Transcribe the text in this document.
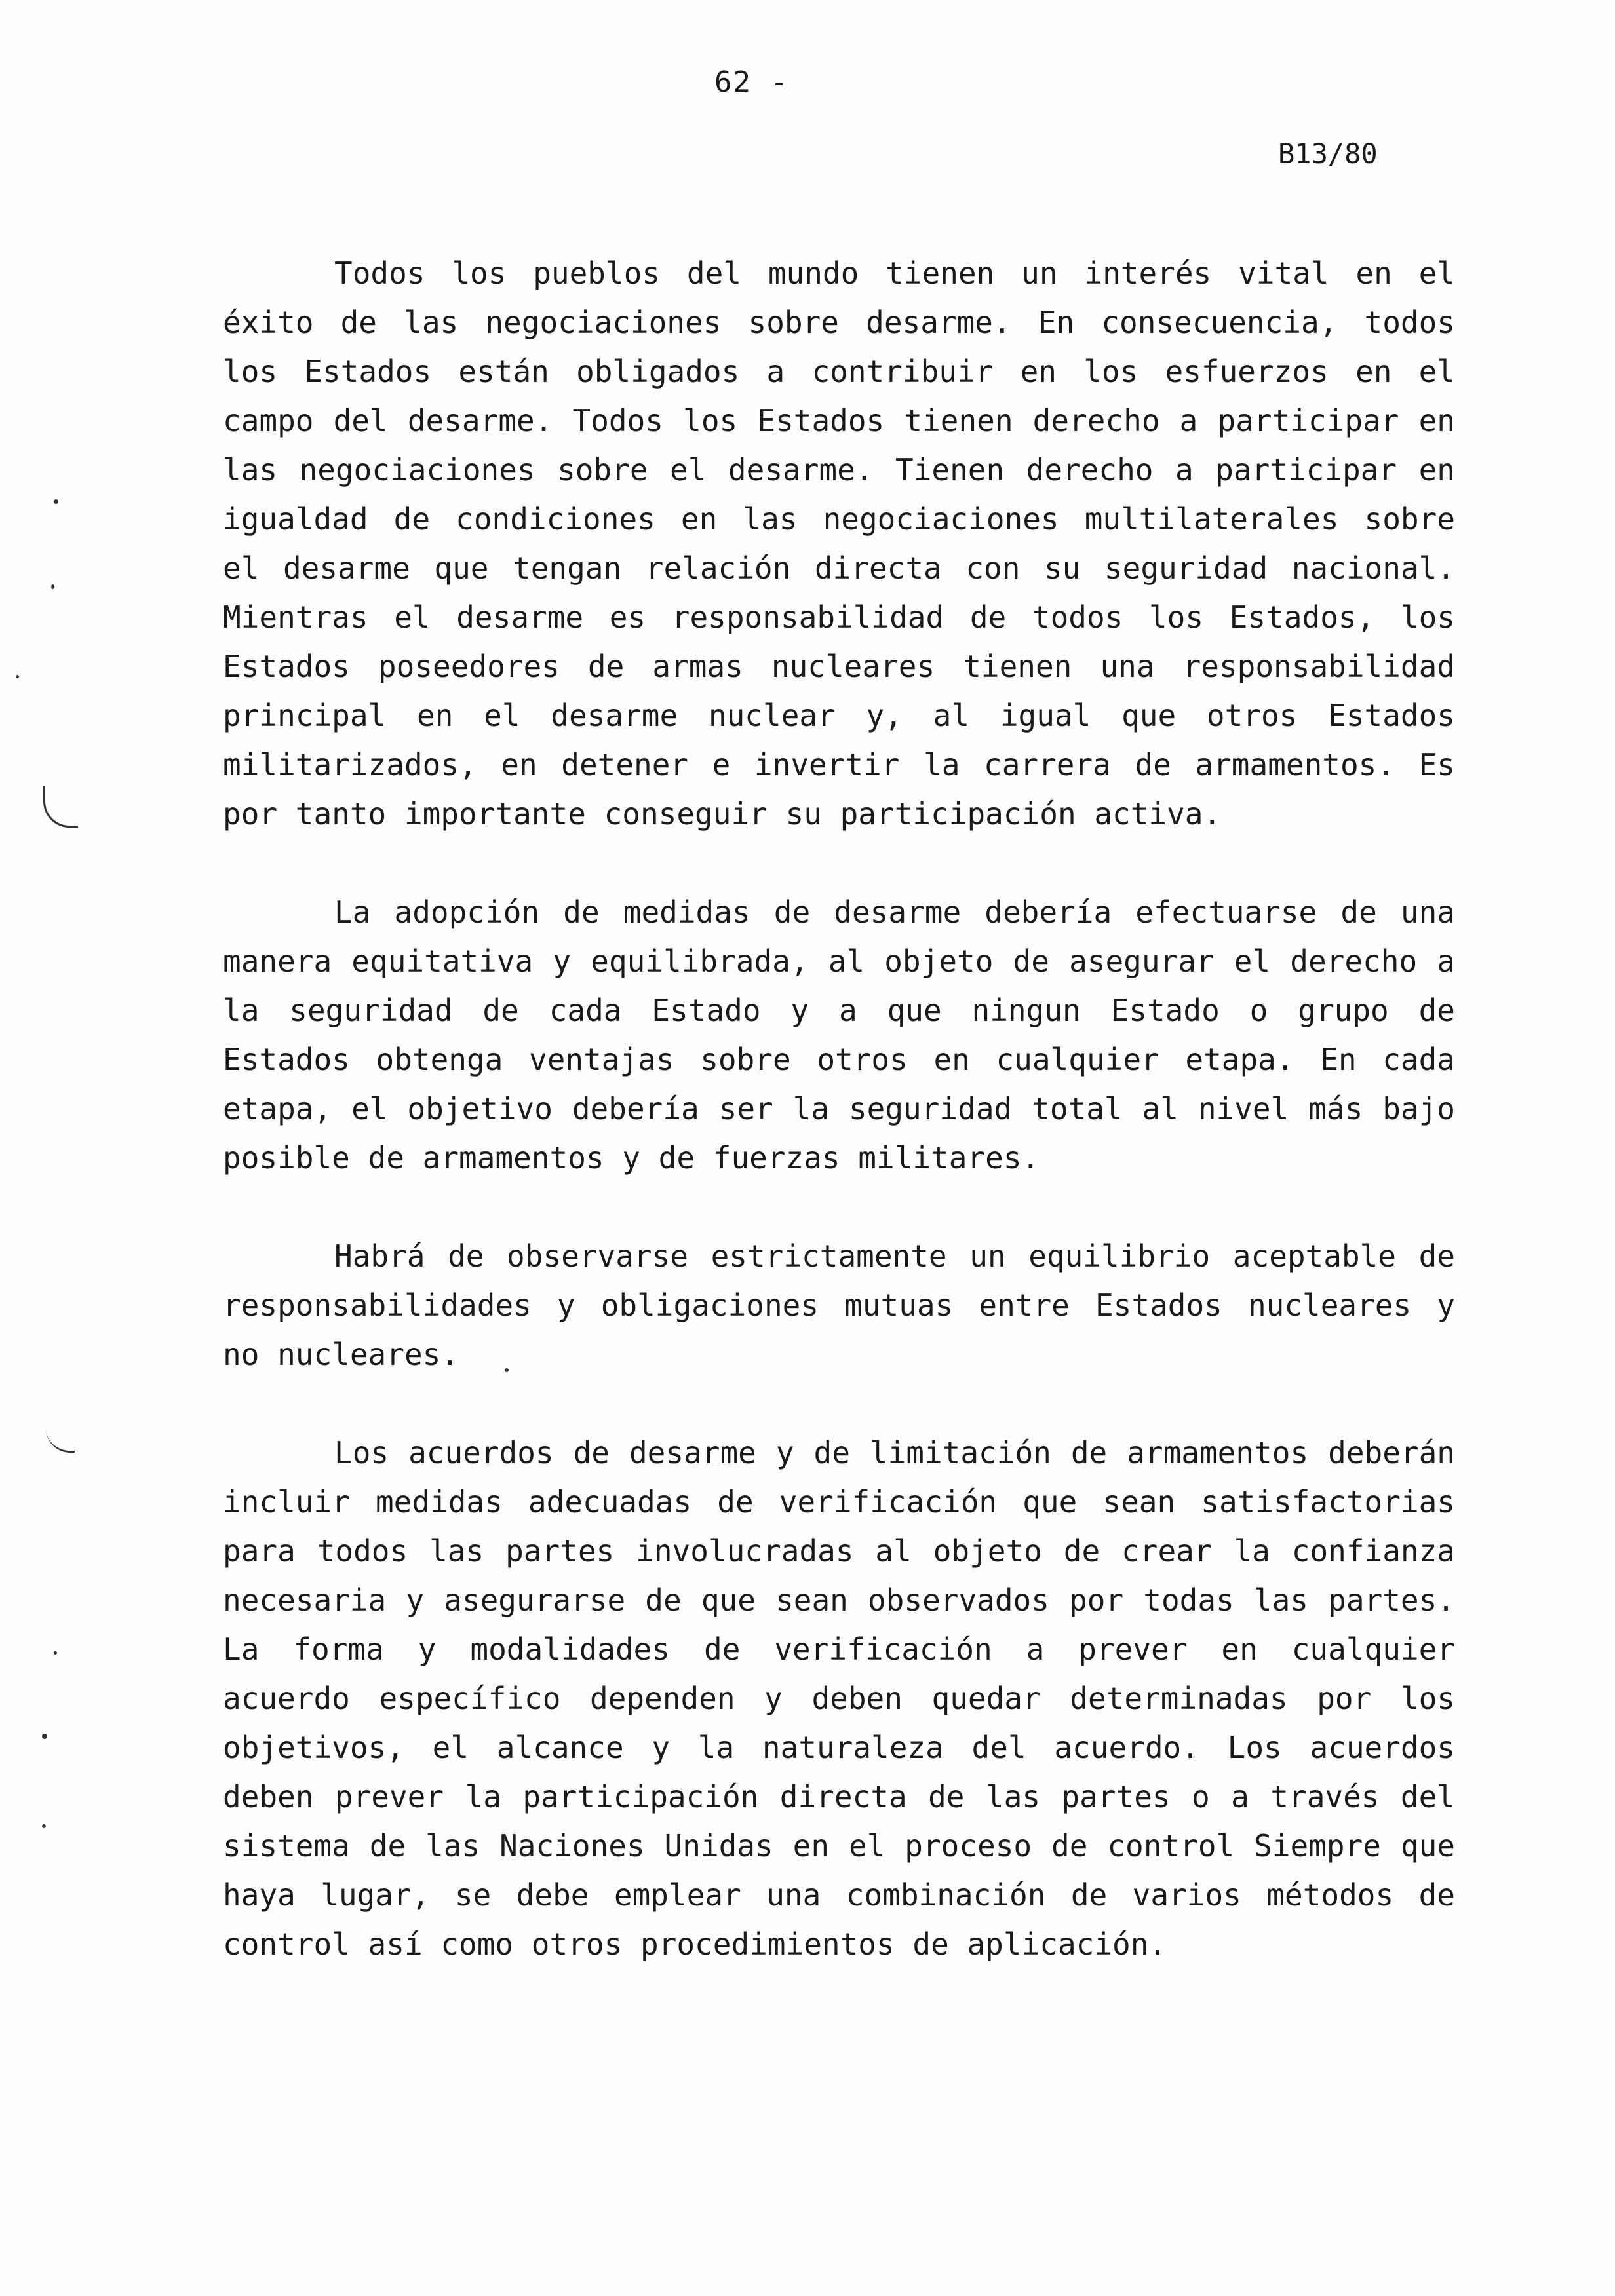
62 -
B13/80

Todos los pueblos del mundo tienen un interés vital en el éxito de las negociaciones sobre desarme. En consecuencia, todos los Estados están obligados a contribuir en los esfuerzos en el campo del desarme. Todos los Estados tienen derecho a participar en las negociaciones sobre el desarme. Tienen derecho a participar en igualdad de condiciones en las negociaciones multilaterales sobre el desarme que tengan relación directa con su seguridad nacional. Mientras el desarme es responsabilidad de todos los Estados, los Estados poseedores de armas nucleares tienen una responsabilidad principal en el desarme nuclear y, al igual que otros Estados militarizados, en detener e invertir la carrera de armamentos. Es por tanto importante conseguir su participación activa.

La adopción de medidas de desarme debería efectuarse de una manera equitativa y equilibrada, al objeto de asegurar el derecho a la seguridad de cada Estado y a que ningun Estado o grupo de Estados obtenga ventajas sobre otros en cualquier etapa. En cada etapa, el objetivo debería ser la seguridad total al nivel más bajo posible de armamentos y de fuerzas militares.

Habrá de observarse estrictamente un equilibrio aceptable de responsabilidades y obligaciones mutuas entre Estados nucleares y no nucleares.

Los acuerdos de desarme y de limitación de armamentos deberán incluir medidas adecuadas de verificación que sean satisfactorias para todos las partes involucradas al objeto de crear la confianza necesaria y asegurarse de que sean observados por todas las partes. La forma y modalidades de verificación a prever en cualquier acuerdo específico dependen y deben quedar determinadas por los objetivos, el alcance y la naturaleza del acuerdo. Los acuerdos deben prever la participación directa de las partes o a través del sistema de las Naciones Unidas en el proceso de control Siempre que haya lugar, se debe emplear una combinación de varios métodos de control así como otros procedimientos de aplicación.
